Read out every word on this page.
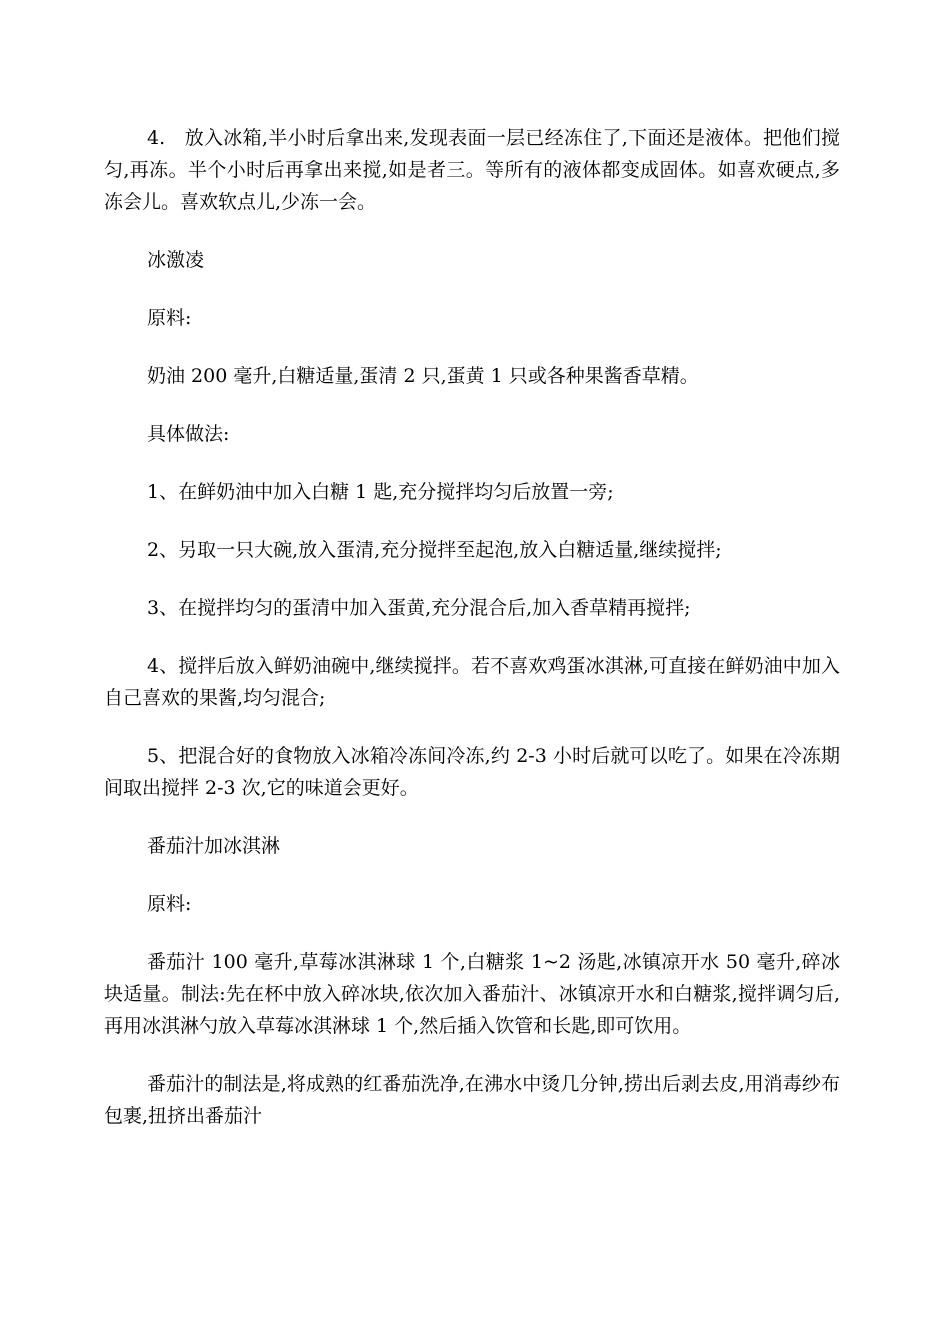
4.　放入冰箱,半小时后拿出来,发现表面一层已经冻住了,下面还是液体。把他们搅匀,再冻。半个小时后再拿出来搅,如是者三。等所有的液体都变成固体。如喜欢硬点,多冻会儿。喜欢软点儿,少冻一会。

冰激凌

原料:

奶油 200 毫升,白糖适量,蛋清 2 只,蛋黄 1 只或各种果酱香草精。

具体做法:

1、在鲜奶油中加入白糖 1 匙,充分搅拌均匀后放置一旁;

2、另取一只大碗,放入蛋清,充分搅拌至起泡,放入白糖适量,继续搅拌;

3、在搅拌均匀的蛋清中加入蛋黄,充分混合后,加入香草精再搅拌;

4、搅拌后放入鲜奶油碗中,继续搅拌。若不喜欢鸡蛋冰淇淋,可直接在鲜奶油中加入自己喜欢的果酱,均匀混合;

5、把混合好的食物放入冰箱冷冻间冷冻,约 2-3 小时后就可以吃了。如果在冷冻期间取出搅拌 2-3 次,它的味道会更好。

番茄汁加冰淇淋

原料:

番茄汁 100 毫升,草莓冰淇淋球 1 个,白糖浆 1~2 汤匙,冰镇凉开水 50 毫升,碎冰块适量。制法:先在杯中放入碎冰块,依次加入番茄汁、冰镇凉开水和白糖浆,搅拌调匀后,再用冰淇淋勺放入草莓冰淇淋球 1 个,然后插入饮管和长匙,即可饮用。

番茄汁的制法是,将成熟的红番茄洗净,在沸水中烫几分钟,捞出后剥去皮,用消毒纱布包裹,扭挤出番茄汁
